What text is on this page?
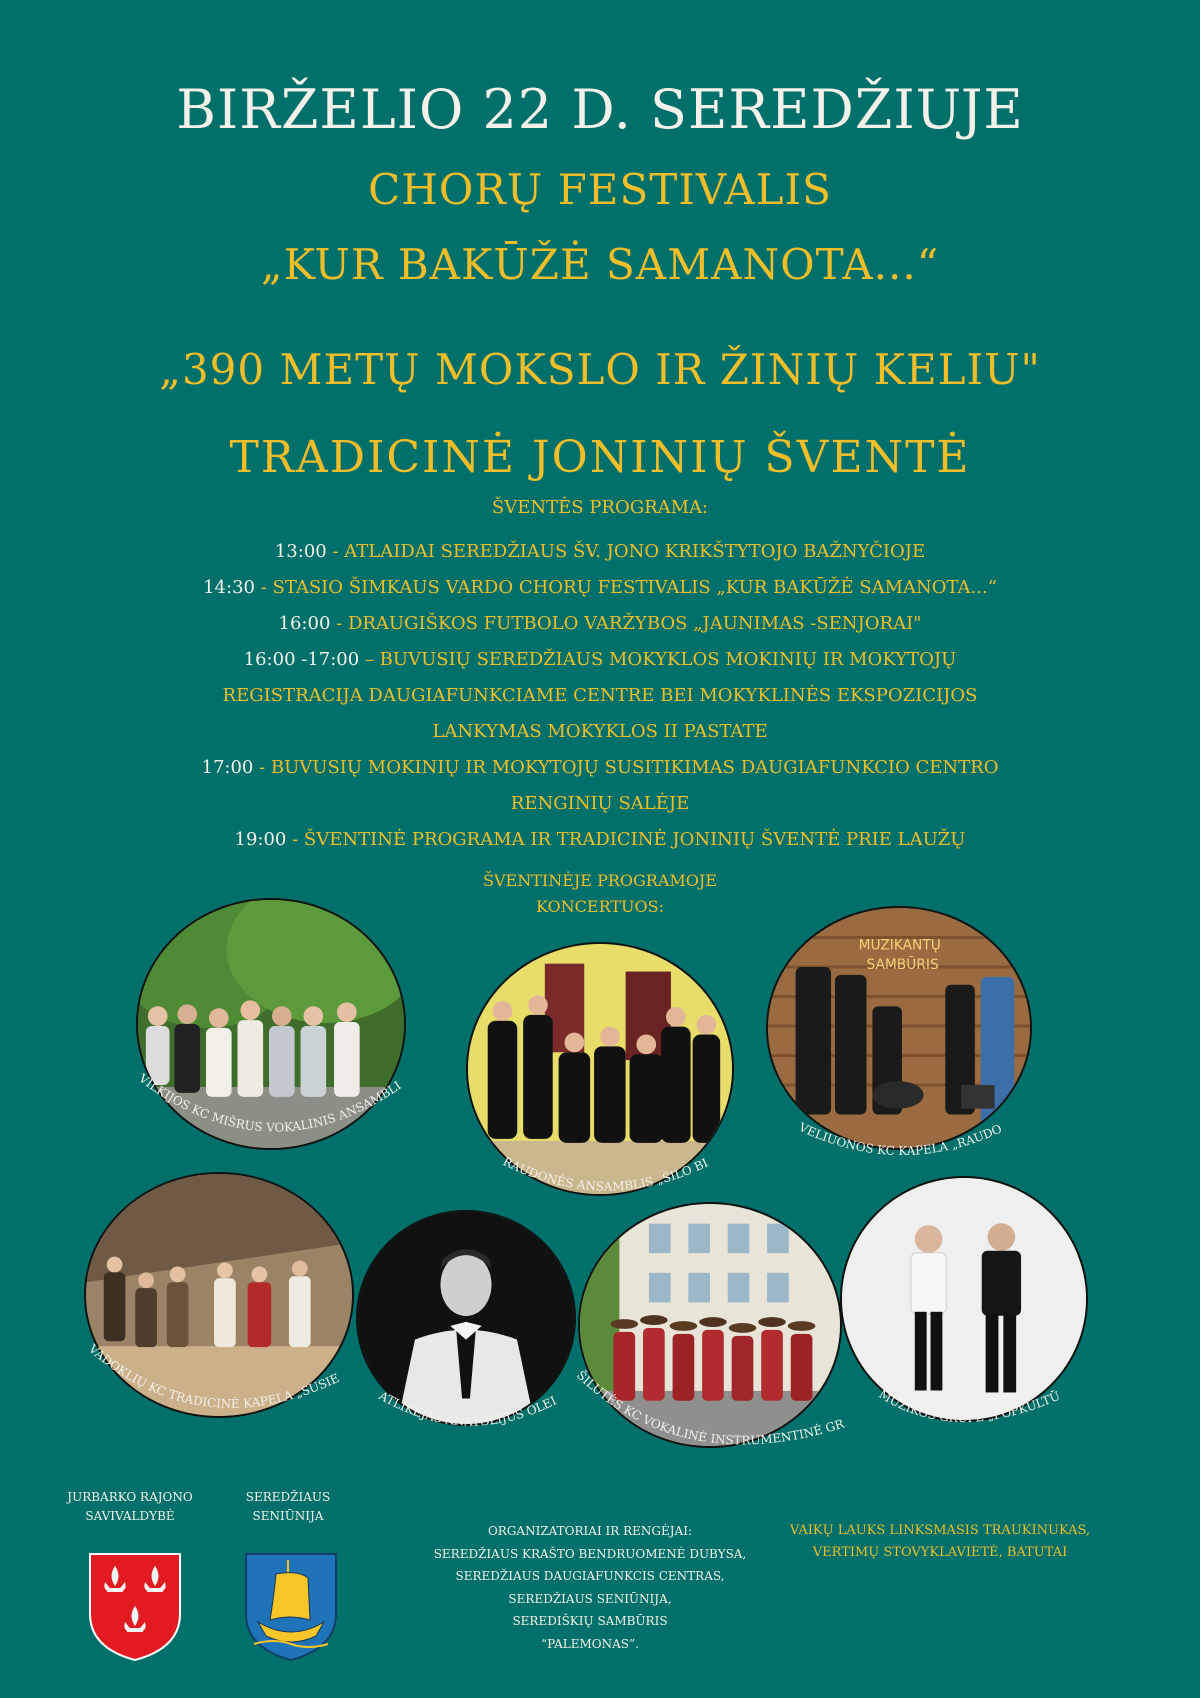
BIRŽELIO 22 D. SEREDŽIUJE
CHORŲ FESTIVALIS
„KUR BAKŪŽĖ SAMANOTA...“
„390 METŲ MOKSLO IR ŽINIŲ KELIU"
TRADICINĖ JONINIŲ ŠVENTĖ
ŠVENTĖS PROGRAMA:
13:00 - ATLAIDAI SEREDŽIAUS ŠV. JONO KRIKŠTYTOJO BAŽNYČIOJE
14:30 - STASIO ŠIMKAUS VARDO CHORŲ FESTIVALIS „KUR BAKŪŽĖ SAMANOTA...“
16:00 - DRAUGIŠKOS FUTBOLO VARŽYBOS „JAUNIMAS -SENJORAI"
16:00 -17:00 – BUVUSIŲ SEREDŽIAUS MOKYKLOS MOKINIŲ IR MOKYTOJŲ
REGISTRACIJA DAUGIAFUNKCIAME CENTRE BEI MOKYKLINĖS EKSPOZICIJOS
LANKYMAS MOKYKLOS II PASTATE
17:00 - BUVUSIŲ MOKINIŲ IR MOKYTOJŲ SUSITIKIMAS DAUGIAFUNKCIO CENTRO
RENGINIŲ SALĖJE
19:00 - ŠVENTINĖ PROGRAMA IR TRADICINĖ JONINIŲ ŠVENTĖ PRIE LAUŽŲ
ŠVENTINĖJE PROGRAMOJE
KONCERTUOS:
MUZIKANTŲ
SAMBŪRIS
VILKIJOS KC MIŠRUS VOKALINIS ANSAMBLIS „NONA“
RAUDONĖS ANSAMBLIS „ŠILO BITĖS“
VELIUONOS KC KAPELA „RAUDONĖ“
VADOKLIŲ KC TRADICINĖ KAPELA „SUSIEDAI“
ATLIKĖJAS ANATOLIJUS OLEINIK
ŠILUTĖS KC VOKALINĖ INSTRUMENTINĖ GRUPĖ „GEGĖ“
MUZIKOS GRUPĖ „POPKULTŪRA“
JURBARKO RAJONO
SAVIVALDYBĖ
SEREDŽIAUS
SENIŪNIJA
ORGANIZATORIAI IR RENGĖJAI:
SEREDŽIAUS KRAŠTO BENDRUOMENĖ DUBYSA,
SEREDŽIAUS DAUGIAFUNKCIS CENTRAS,
SEREDŽIAUS SENIŪNIJA,
SEREDIŠKIŲ SAMBŪRIS
“PALEMONAS”.
VAIKŲ LAUKS LINKSMASIS TRAUKINUKAS,
VERTIMŲ STOVYKLAVIETĖ, BATUTAI
